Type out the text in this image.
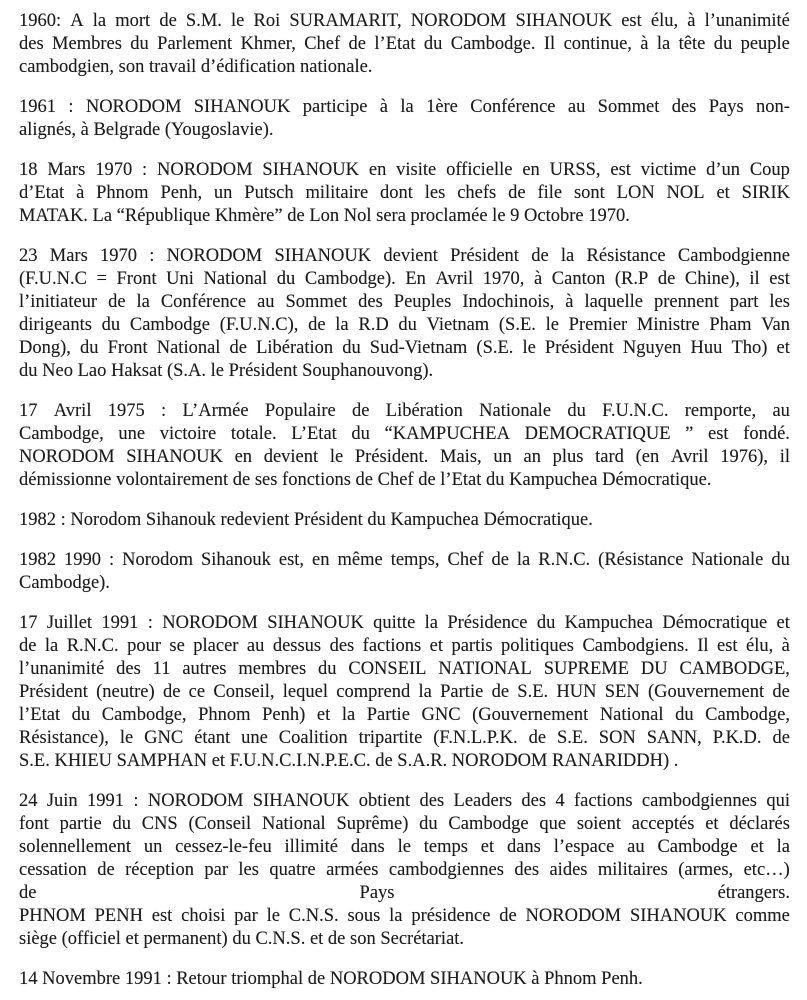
1960: A la mort de S.M. le Roi SURAMARIT, NORODOM SIHANOUK est élu, à l’unanimité
des Membres du Parlement Khmer, Chef de l’Etat du Cambodge. Il continue, à la tête du peuple
cambodgien, son travail d’édification nationale.
1961 : NORODOM SIHANOUK participe à la 1ère Conférence au Sommet des Pays non-
alignés, à Belgrade (Yougoslavie).
18 Mars 1970 : NORODOM SIHANOUK en visite officielle en URSS, est victime d’un Coup
d’Etat à Phnom Penh, un Putsch militaire dont les chefs de file sont LON NOL et SIRIK
MATAK. La “République Khmère” de Lon Nol sera proclamée le 9 Octobre 1970.
23 Mars 1970 : NORODOM SIHANOUK devient Président de la Résistance Cambodgienne
(F.U.N.C = Front Uni National du Cambodge). En Avril 1970, à Canton (R.P de Chine), il est
l’initiateur de la Conférence au Sommet des Peuples Indochinois, à laquelle prennent part les
dirigeants du Cambodge (F.U.N.C), de la R.D du Vietnam (S.E. le Premier Ministre Pham Van
Dong), du Front National de Libération du Sud-Vietnam (S.E. le Président Nguyen Huu Tho) et
du Neo Lao Haksat (S.A. le Président Souphanouvong).
17 Avril 1975 : L’Armée Populaire de Libération Nationale du F.U.N.C. remporte, au
Cambodge, une victoire totale. L’Etat du “KAMPUCHEA DEMOCRATIQUE ” est fondé.
NORODOM SIHANOUK en devient le Président. Mais, un an plus tard (en Avril 1976), il
démissionne volontairement de ses fonctions de Chef de l’Etat du Kampuchea Démocratique.
1982 : Norodom Sihanouk redevient Président du Kampuchea Démocratique.
1982 1990 : Norodom Sihanouk est, en même temps, Chef de la R.N.C. (Résistance Nationale du
Cambodge).
17 Juillet 1991 : NORODOM SIHANOUK quitte la Présidence du Kampuchea Démocratique et
de la R.N.C. pour se placer au dessus des factions et partis politiques Cambodgiens. Il est élu, à
l’unanimité des 11 autres membres du CONSEIL NATIONAL SUPREME DU CAMBODGE,
Président (neutre) de ce Conseil, lequel comprend la Partie de S.E. HUN SEN (Gouvernement de
l’Etat du Cambodge, Phnom Penh) et la Partie GNC (Gouvernement National du Cambodge,
Résistance), le GNC étant une Coalition tripartite (F.N.L.P.K. de S.E. SON SANN, P.K.D. de
S.E. KHIEU SAMPHAN et F.U.N.C.I.N.P.E.C. de S.A.R. NORODOM RANARIDDH) .
24 Juin 1991 : NORODOM SIHANOUK obtient des Leaders des 4 factions cambodgiennes qui
font partie du CNS (Conseil National Suprême) du Cambodge que soient acceptés et déclarés
solennellement un cessez-le-feu illimité dans le temps et dans l’espace au Cambodge et la
cessation de réception par les quatre armées cambodgiennes des aides militaires (armes, etc…)
de	Pays	étrangers.
PHNOM PENH est choisi par le C.N.S. sous la présidence de NORODOM SIHANOUK comme
siège (officiel et permanent) du C.N.S. et de son Secrétariat.
14 Novembre 1991 : Retour triomphal de NORODOM SIHANOUK à Phnom Penh.
